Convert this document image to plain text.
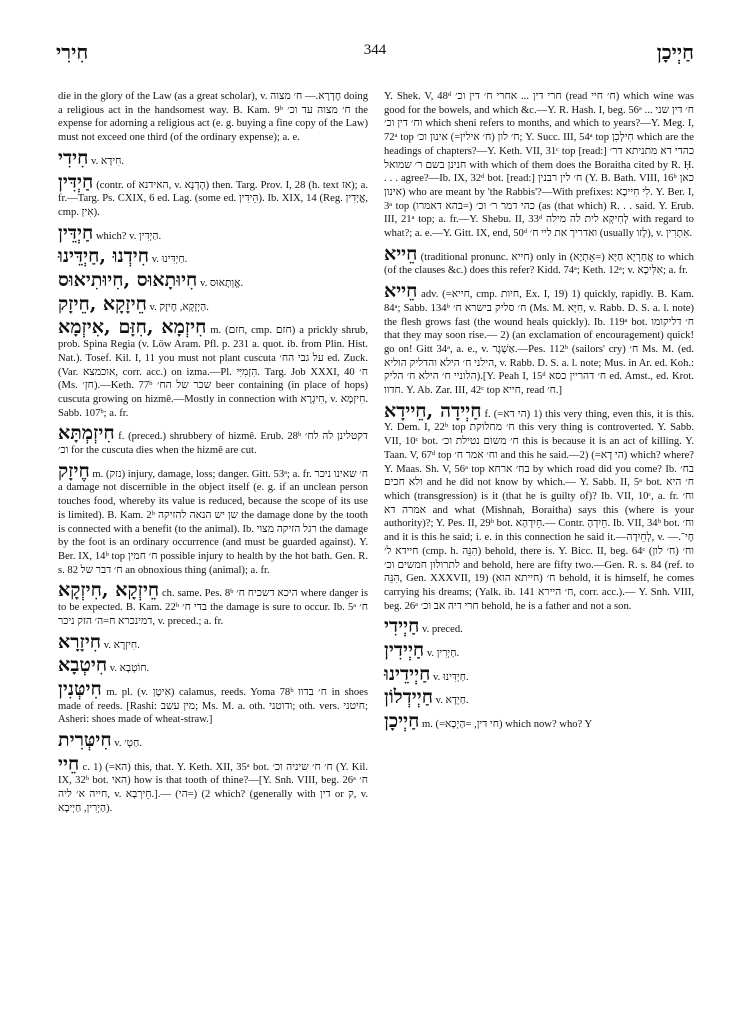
חִירִי	344	חַיְיכָן

die in the glory of the Law (as a great scholar), v. חֶדְרָא.— ח׳ מצוה doing a religious act in the handsomest way. B. Kam. 9ᵇ ח׳ מצוה עד וכ׳ the expense for adorning a religious act (e. g. buying a fine copy of the Law) must not exceed one third (of the ordinary expense); a. e.

חִידִי v. חִידָא.

חַיְדִּין (contr. of האידנא, v. הָדְנָא) then. Targ. Prov. I, 28 (h. text אז); a. fr.—Targ. Ps. CXIX, 6 ed. Lag. (some ed. הֵידִין). Ib. XIX, 14 (Reg. אֱיְדִין, cmp. אִיזְ).

חַיְדֵּין which? v. הַיְדִין.

חִידְנוּ ,חַיְדֵּינוּ v. חַיְדִּינוּ.

חִיוּתָאוּס ,חִיוּתִיאוּס v. אֱוְתָאוּס.

חֵיזָקָא ,חֵיזָק v. הַיְזָקָא, חֶיזָק.

חִיזְמָא ,חִזָּם ,אִיזְמָא m. (חזם, cmp. חזם) a prickly shrub, prob. Spina Regia (v. Löw Aram. Pfl. p. 231 a. quot. ib. from Plin. Hist. Nat.). Tosef. Kil. I, 11 you must not plant cuscuta על גבי הח׳ ed. Zuck. (Var. אוכמצא, corr. acc.) on izma.—Pl. הִזְמִיִּי. Targ. Job XXXI, 40 ח׳ (Ms. חזְ׳).—Keth. 77ᵇ שכר של הח׳ beer containing (in place of hops) cuscuta growing on hizmê.—Mostly in connection with חִיגְרָא, v. חִיזְמָא. Sabb. 107ᵇ; a. fr.

חִיזְמְתָּא f. (preced.) shrubbery of hizmê. Erub. 28ᵇ דקטלינן לה לח׳ וכ׳ for the cuscuta dies when the hizmê are cut.

חֶיזָק m. (נזק) injury, damage, loss; danger. Gitt. 53ᵃ; a. fr. ח׳ שאינו ניכר a damage not discernible in the object itself (e. g. if an unclean person touches food, whereby its value is reduced, because the scope of its use is limited). B. Kam. 2ᵇ שן יש הנאה להזיקה the damage done by the tooth is connected with a benefit (to the animal). Ib. רגל הזיקה מצוי the damage by the foot is an ordinary occurrence (and must be guarded against). Y. Ber. IX, 14ᵇ top ח׳ חמין possible injury to health by the hot bath. Gen. R. s. 82 ח׳ דבר של an obnoxious thing (animal); a. fr.

חֵיזְקָא ,חִיזְקָא ch. same. Pes. 8ᵇ היכא דשכיח ח׳ where danger is to be expected. B. Kam. 22ᵇ בדי ח׳ the damage is sure to occur. Ib. 5ᵃ ח׳ דמינכרא ח=ה׳ הזק ניכר, v. preced.; a. fr.

חִיזָרָא v. חִיזְרָא.

חִיטְבָא v. חוֹטְבָא.

חִיטְּנִין m. pl. (v. אִיטָן) calamus, reeds. Yoma 78ᵇ ח׳ בדוו in shoes made of reeds. [Rashi: מין עשב; Ms. M. a. oth. ודוטני; oth. vers. חיטני; Asheri: shoes made of wheat-straw.]

חִיטְּרִית v. חַטְ׳.

חֵיי c. 1) (=הא) this, that. Y. Keth. XII, 35ᵃ bot. ח׳ ח׳ שיניה וכ׳ (Y. Kil. IX, 32ᵇ bot. האי) how is that tooth of thine?—[Y. Snh. VIII, beg. 26ᵃ ח׳ חייה א׳ ליה, v. חֵירְבָא.].— 2) (=הי) which? (generally with דין or ק, v. הַיְרִין, חַיְיבָא).

Y. Shek. V, 48ᵈ חרי דין ... אחרי ח׳ דין וכ׳ (read ח׳ חיי) which wine was good for the bowels, and which &c.—Y. R. Hash. I, beg. 56ᵃ ח׳ דין שני ... וח׳ דין וכ׳ which sheni refers to months, and which to years?—Y. Meg. I, 72ᵃ top ח׳ לון (ח׳ אילין=) אינון וכ׳; Y. Succ. III, 54ᵃ top חִילְכִן which are the headings of chapters?—Y. Keth. VII, 31ᶜ top [read:] כהדי דא מתניתא דר׳ חנינן בשם ר׳ שמואל with which of them does the Boraitha cited by R. Ḥ. . . . agree?—Ib. IX, 32ᵈ bot. [read:] ח׳ לין רבנין (Y. B. Bath. VIII, 16ᵇ כאן אינון) who are meant by 'the Rabbis'?—With prefixes: לִי חִייכָא. Y. Ber. I, 3ᵃ top (בהא דאמרו=) כהי דמר ר׳ וכ׳ (as (that which) R. . . said. Y. Erub. III, 21ᵃ top; a. fr.—Y. Shebu. II, 33ᵈ לְחִיקְא לית לה מילה with regard to what?; a. e.—Y. Gitt. IX, end, 50ᵈ ואדריך את ליי ח׳ (usually לָזו), v. אִתְרִין.

חֵייא (traditional pronunc. חייא) only in אֲחַרְיָא חַיָּא (=אָתְיָא) to which (of the clauses &c.) does this refer? Kidd. 74ᵃ; Keth. 12ᵃ; v. אִלִּיכָא; a. fr.

חֵייא adv. (=חייא, cmp. חיות, Ex. I, 19) 1) quickly, rapidly. B. Kam. 84ᵃ; Sabb. 134ᵇ ח׳ סליק בישרא ח׳ (Ms. M. חִיָּא, v. Rabb. D. S. a. l. note) the flesh grows fast (the wound heals quickly). Ib. 119ᵃ bot. ח׳ דליקומו that they may soon rise.— 2) (an exclamation of encouragement) quick! go on! Gitt 34ᵃ, a. e., v. אַשְׁגָר.—Pes. 112ᵇ (sailors' cry) ח׳ Ms. M. (ed. הילני ח׳ הילא והדליק הוליא, v. Rabb. D. S. a. l. note; Mus. in Ar. ed. Koh.: הלוניי ח׳ הילא ח׳ הליק).[Y. Peah I, 15ᵈ ח׳ דהריין כסא ed. Amst., ed. Krot. חדוו. Y. Ab. Zar. III, 42ᶜ top חייא, read ח׳.]

חַיְידָה ,חֵיידָא f. (=הי דא) 1) this very thing, even this, it is this. Y. Dem. I, 22ᵇ top ח׳ מחלוקת this very thing is controverted. Y. Sabb. VII, 10ᶜ bot. ח׳ משום נטילת וכ׳ this is because it is an act of killing. Y. Taan. V, 67ᵈ top וח׳ אמר ח׳ and this he said.—2) (=הי דָא) which? where? Y. Maas. Sh. V, 56ᵃ top בח׳ ארחא by which road did you come? Ib. בח׳ ולא חכים and he did not know by which.— Y. Sabb. II, 5ᵃ bot. ח׳ היא which (transgression) is it (that he is guilty of)? Ib. VII, 10ᶜ, a. fr. וח׳ אמרה דא and what (Mishnah, Boraitha) says this (where is your authority)?; Y. Pes. II, 29ᵇ bot. חֵיִדְהָא.— Contr. חֵיִדְהָ. Ib. VII, 34ᵇ bot. וח׳ and it is this he said; i. e. in this connection he said it.—לְחֵיִדָה, v. חֶי־.— חיידא ל׳ (cmp. h. הִנֵּה) behold, there is. Y. Bicc. II, beg. 64ᶜ (ח׳ לון) וח׳ לתרולון חמשים וכ׳ and behold, here are fifty two.—Gen. R. s. 84 (ref. to הִנֵּה, Gen. XXXVII, 19) ח׳ (חייתא הוא) behold, it is himself, he comes carrying his dreams; (Yalk. ib. 141 ח׳ היירא, corr. acc.).— Y. Snh. VIII, beg. 26ᵃ חרי דיה אב וכ׳ behold, he is a father and not a son.

חַיְידִי v. preced.

חַיְידִין v. חַיְרִין.

חַיְידֵינוּ v. חַיְדִּינוּ.

חַיְידְלוֹן v. חַיְדָא.

חַיְיכָן m. (=חי דין, =הַיְכָא) which now? who? Y
